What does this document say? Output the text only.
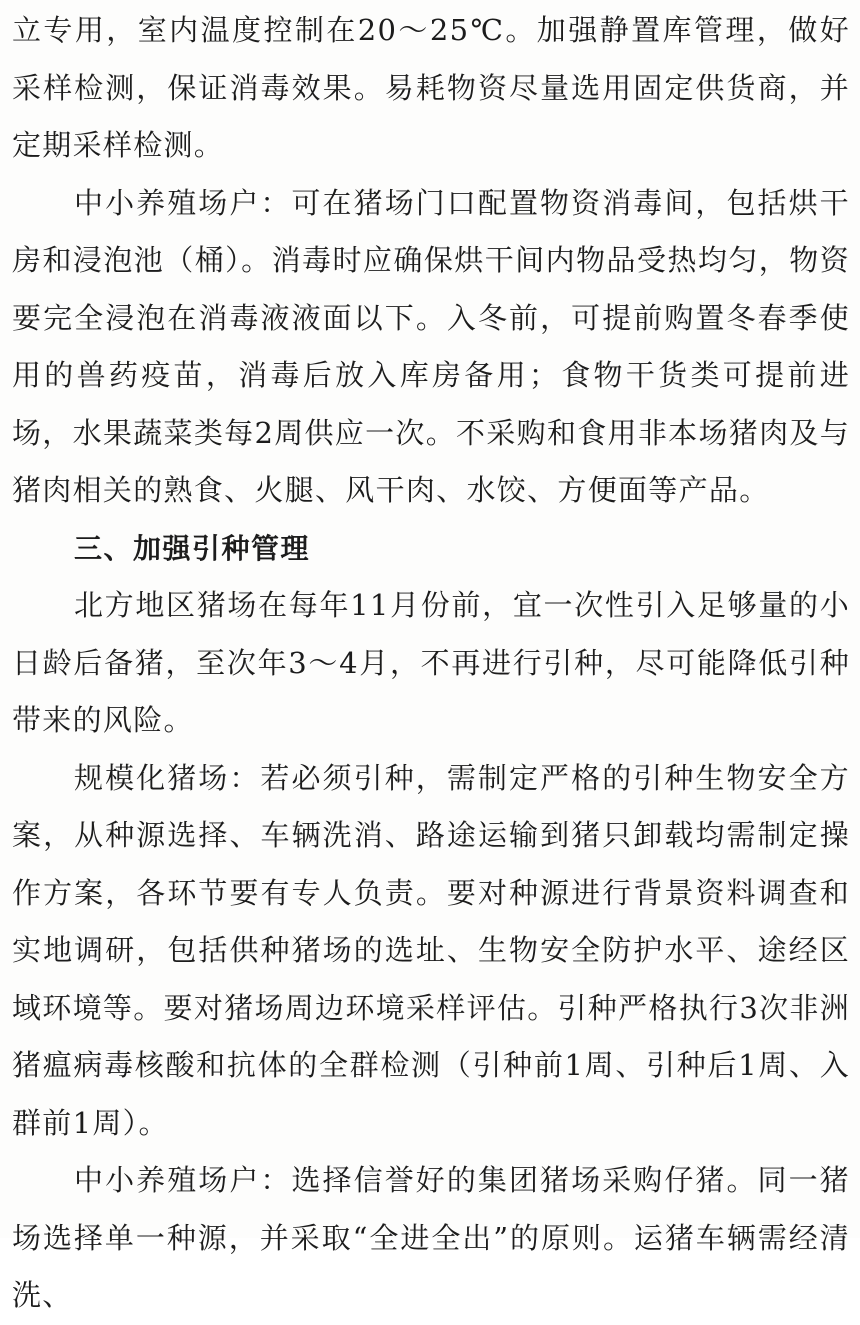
立专用，室内温度控制在20～25℃。加强静置库管理，做好采样检测，保证消毒效果。易耗物资尽量选用固定供货商，并定期采样检测。

中小养殖场户：可在猪场门口配置物资消毒间，包括烘干房和浸泡池（桶）。消毒时应确保烘干间内物品受热均匀，物资要完全浸泡在消毒液液面以下。入冬前，可提前购置冬春季使用的兽药疫苗，消毒后放入库房备用；食物干货类可提前进场，水果蔬菜类每2周供应一次。不采购和食用非本场猪肉及与猪肉相关的熟食、火腿、风干肉、水饺、方便面等产品。

三、加强引种管理

北方地区猪场在每年11月份前，宜一次性引入足够量的小日龄后备猪，至次年3～4月，不再进行引种，尽可能降低引种带来的风险。

规模化猪场：若必须引种，需制定严格的引种生物安全方案，从种源选择、车辆洗消、路途运输到猪只卸载均需制定操作方案，各环节要有专人负责。要对种源进行背景资料调查和实地调研，包括供种猪场的选址、生物安全防护水平、途经区域环境等。要对猪场周边环境采样评估。引种严格执行3次非洲猪瘟病毒核酸和抗体的全群检测（引种前1周、引种后1周、入群前1周）。

中小养殖场户：选择信誉好的集团猪场采购仔猪。同一猪场选择单一种源，并采取“全进全出”的原则。运猪车辆需经清洗、
